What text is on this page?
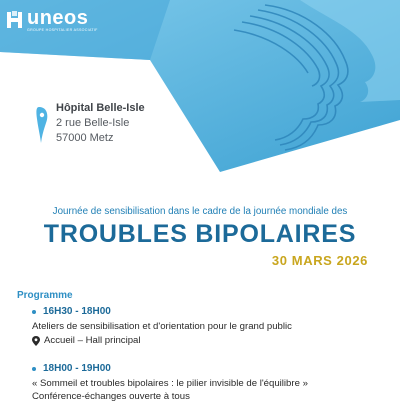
uneos
GROUPE HOSPITALIER ASSOCIATIF
Hôpital Belle-Isle
2 rue Belle-Isle
57000 Metz
Journée de sensibilisation dans le cadre de la journée mondiale des
TROUBLES BIPOLAIRES
30 MARS 2026
Programme
16H30 - 18H00
Ateliers de sensibilisation et d'orientation pour le grand public
Accueil – Hall principal
18H00 - 19H00
« Sommeil et troubles bipolaires : le pilier invisible de l'équilibre »
Conférence-échanges ouverte à tous
